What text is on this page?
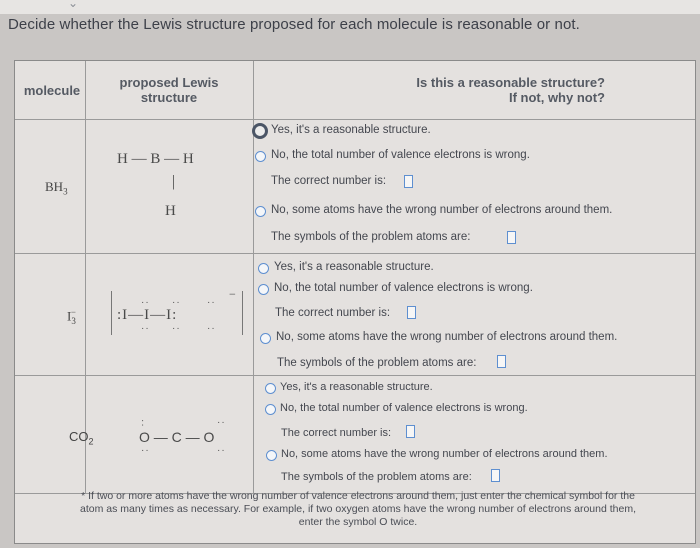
⌄
Decide whether the Lewis structure proposed for each molecule is reasonable or not.
molecule
proposed Lewis
structure
Is this a reasonable structure?
If not, why not?
$BH_3$
H — B — H
|
H
Yes, it's a reasonable structure.
No, the total number of valence electrons is wrong.
The correct number is:
No, some atoms have the wrong number of electrons around them.
The symbols of the problem atoms are:
$I_3^-$	:I—I—I:
−
··
··
··
··
··
··
Yes, it's a reasonable structure.
No, the total number of valence electrons is wrong.
The correct number is:
No, some atoms have the wrong number of electrons around them.
The symbols of the problem atoms are:
$CO_2$	O — C — O
··
··
··
··
Yes, it's a reasonable structure.
No, the total number of valence electrons is wrong.
The correct number is:
No, some atoms have the wrong number of electrons around them.
The symbols of the problem atoms are:
* If two or more atoms have the wrong number of valence electrons around them, just enter the chemical symbol for the atom as many times as necessary. For example, if two oxygen atoms have the wrong number of electrons around them, enter the symbol O twice.
